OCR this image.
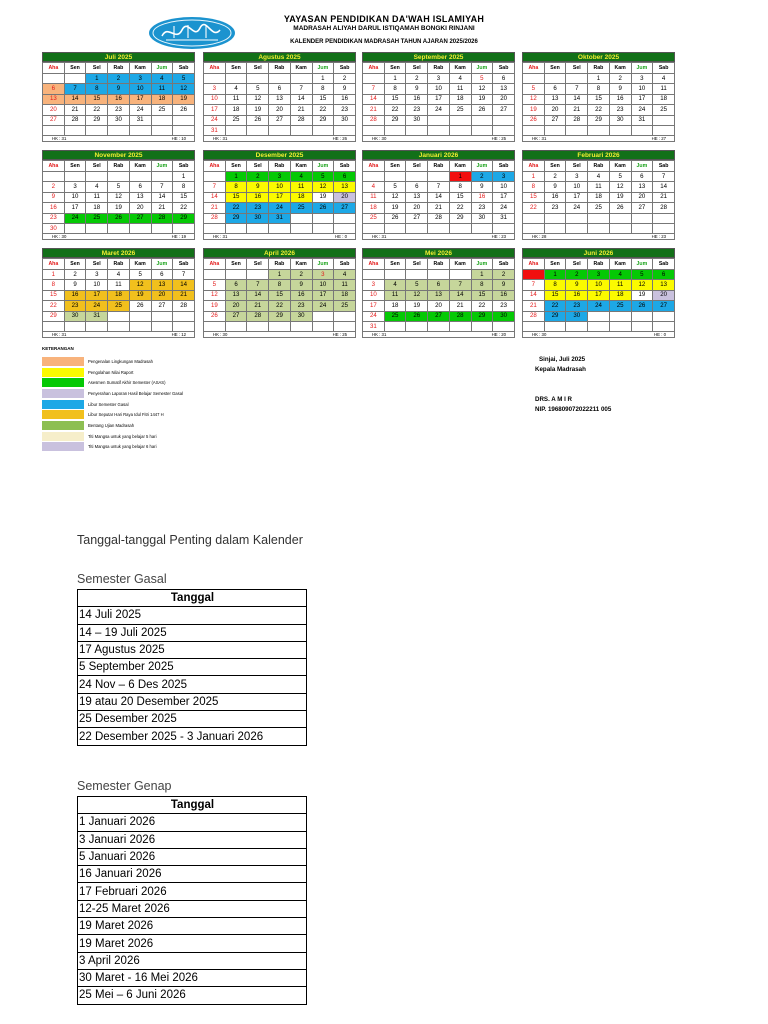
YAYASAN PENDIDIKAN DA'WAH ISLAMIYAH
MADRASAH ALIYAH DARUL ISTIQAMAH BONGKI RINJANI
KALENDER PENDIDIKAN MADRASAH TAHUN AJARAN 2025/2026
Juli 2025
Aha	Sen	Sel	Rab	Kam	Jum	Sab
		1	2	3	4	5
6	7	8	9	10	11	12
13	14	15	16	17	18	19
20	21	22	23	24	25	26
27	28	29	30	31		

HK : 31	HE : 10
Agustus 2025
Aha	Sen	Sel	Rab	Kam	Jum	Sab
					1	2
3	4	5	6	7	8	9
10	11	12	13	14	15	16
17	18	19	20	21	22	23
24	25	26	27	28	29	30
31						
HK : 31	HE : 26
September 2025
Aha	Sen	Sel	Rab	Kam	Jum	Sab
	1	2	3	4	5	6
7	8	9	10	11	12	13
14	15	16	17	18	19	20
21	22	23	24	25	26	27
28	29	30				

HK : 30	HE : 25
Oktober 2025
Aha	Sen	Sel	Rab	Kam	Jum	Sab
			1	2	3	4
5	6	7	8	9	10	11
12	13	14	15	16	17	18
19	20	21	22	23	24	25
26	27	28	29	30	31	

HK : 31	HE : 27
November 2025
Aha	Sen	Sel	Rab	Kam	Jum	Sab
						1
2	3	4	5	6	7	8
9	10	11	12	13	14	15
16	17	18	19	20	21	22
23	24	25	26	27	28	29
30						
HK : 30	HE : 19
Desember 2025
Aha	Sen	Sel	Rab	Kam	Jum	Sab
	1	2	3	4	5	6
7	8	9	10	11	12	13
14	15	16	17	18	19	20
21	22	23	24	25	26	27
28	29	30	31			

HK : 31	HE : 0
Januari 2026
Aha	Sen	Sel	Rab	Kam	Jum	Sab
				1	2	3
4	5	6	7	8	9	10
11	12	13	14	15	16	17
18	19	20	21	22	23	24
25	26	27	28	29	30	31

HK : 31	HE : 23
Februari 2026
Aha	Sen	Sel	Rab	Kam	Jum	Sab
1	2	3	4	5	6	7
8	9	10	11	12	13	14
15	16	17	18	19	20	21
22	23	24	25	26	27	28

HK : 28	HE : 23
Maret 2026
Aha	Sen	Sel	Rab	Kam	Jum	Sab
1	2	3	4	5	6	7
8	9	10	11	12	13	14
15	16	17	18	19	20	21
22	23	24	25	26	27	28
29	30	31				

HK : 31	HE : 12
April 2026
Aha	Sen	Sel	Rab	Kam	Jum	Sab
			1	2	3	4
5	6	7	8	9	10	11
12	13	14	15	16	17	18
19	20	21	22	23	24	25
26	27	28	29	30		

HK : 30	HE : 25
Mei 2026
Aha	Sen	Sel	Rab	Kam	Jum	Sab
					1	2
3	4	5	6	7	8	9
10	11	12	13	14	15	16
17	18	19	20	21	22	23
24	25	26	27	28	29	30
31						
HK : 31	HE : 20
Juni 2026
Aha	Sen	Sel	Rab	Kam	Jum	Sab
	1	2	3	4	5	6
7	8	9	10	11	12	13
14	15	16	17	18	19	20
21	22	23	24	25	26	27
28	29	30				

HK : 30	HE : 0
KETERANGAN
Pengenalan Lingkungan Madrasah
Pengolahan Nilai Raport
Asesmen Sumatif Akhir Semester (ASAS)
Penyerahan Laporan Hasil Belajar Semester Gasal
Libur Semester Gasal
Libur Seputar Hari Raya Idul Fitri 1447 H
Bentang Ujian Madrasah
Titi Mangsa untuk yang belajar 5 hari
Titi Mangsa untuk yang belajar 6 hari
Sinjai, Juli 2025
Kepala Madrasah
DRS. A M I R
NIP. 196809072022211 005
Tanggal-tanggal Penting dalam Kalender
Semester Gasal
Tanggal
14 Juli 2025
14 – 19 Juli 2025
17 Agustus 2025
5 September 2025
24 Nov – 6 Des 2025
19 atau 20 Desember 2025
25 Desember 2025
22 Desember 2025 - 3 Januari 2026
Semester Genap
Tanggal
1 Januari 2026
3 Januari 2026
5 Januari 2026
16 Januari 2026
17 Februari 2026
12-25 Maret 2026
19 Maret 2026
19 Maret 2026
3 April 2026
30 Maret - 16 Mei 2026
25 Mei – 6 Juni 2026
